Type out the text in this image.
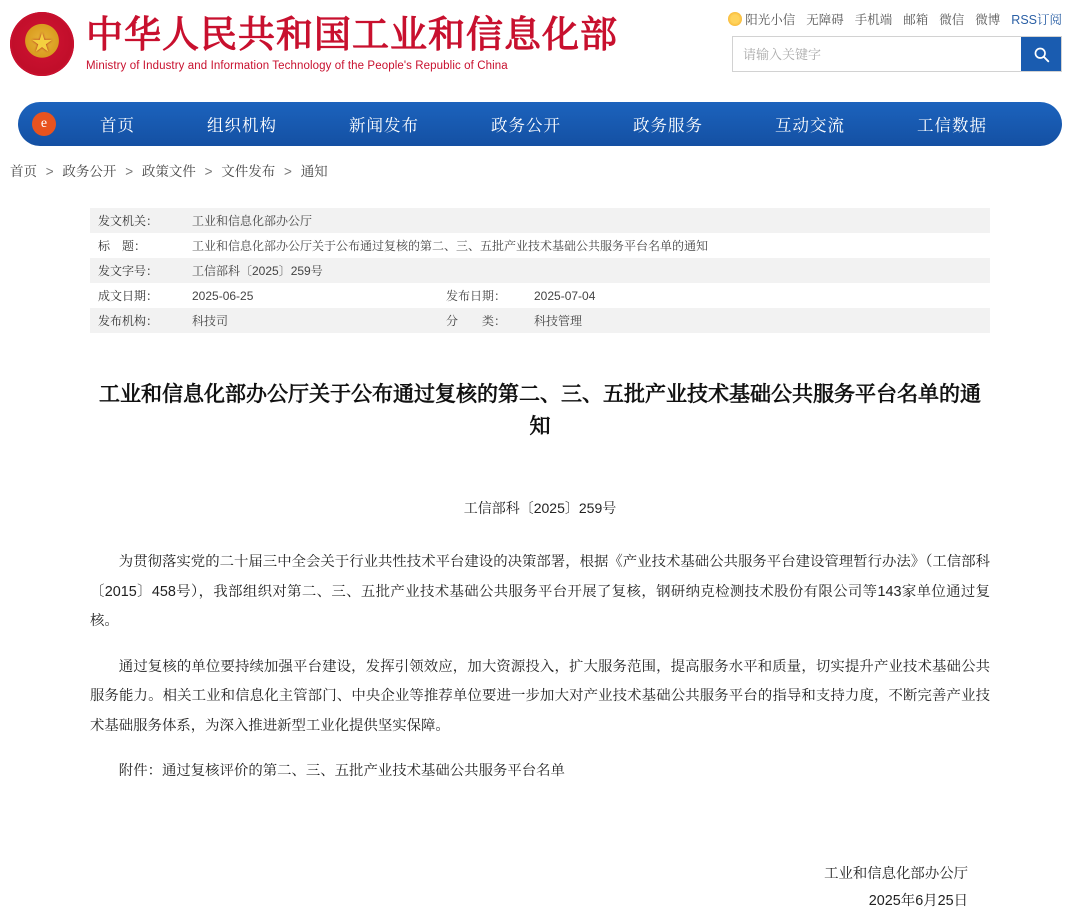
★
中华人民共和国工业和信息化部
Ministry of Industry and Information Technology of the People's Republic of China
阳光小信 无障碍 手机端 邮箱 微信 微博 RSS订阅
请输入关键字
e	首页	组织机构	新闻发布	政务公开	政务服务	互动交流	工信数据
首页 > 政务公开 > 政策文件 > 文件发布 > 通知
发文机关：	工业和信息化部办公厅		
标　题：	工业和信息化部办公厅关于公布通过复核的第二、三、五批产业技术基础公共服务平台名单的通知		
发文字号：	工信部科〔2025〕259号		
成文日期：	2025-06-25	发布日期：	2025-07-04
发布机构：	科技司	分　　类：	科技管理
工业和信息化部办公厅关于公布通过复核的第二、三、五批产业技术基础公共服务平台名单的通知
工信部科〔2025〕259号

为贯彻落实党的二十届三中全会关于行业共性技术平台建设的决策部署，根据《产业技术基础公共服务平台建设管理暂行办法》（工信部科〔2015〕458号），我部组织对第二、三、五批产业技术基础公共服务平台开展了复核，钢研纳克检测技术股份有限公司等143家单位通过复核。

通过复核的单位要持续加强平台建设，发挥引领效应，加大资源投入，扩大服务范围，提高服务水平和质量，切实提升产业技术基础公共服务能力。相关工业和信息化主管部门、中央企业等推荐单位要进一步加大对产业技术基础公共服务平台的指导和支持力度，不断完善产业技术基础服务体系，为深入推进新型工业化提供坚实保障。

附件：通过复核评价的第二、三、五批产业技术基础公共服务平台名单

工业和信息化部办公厅
2025年6月25日
